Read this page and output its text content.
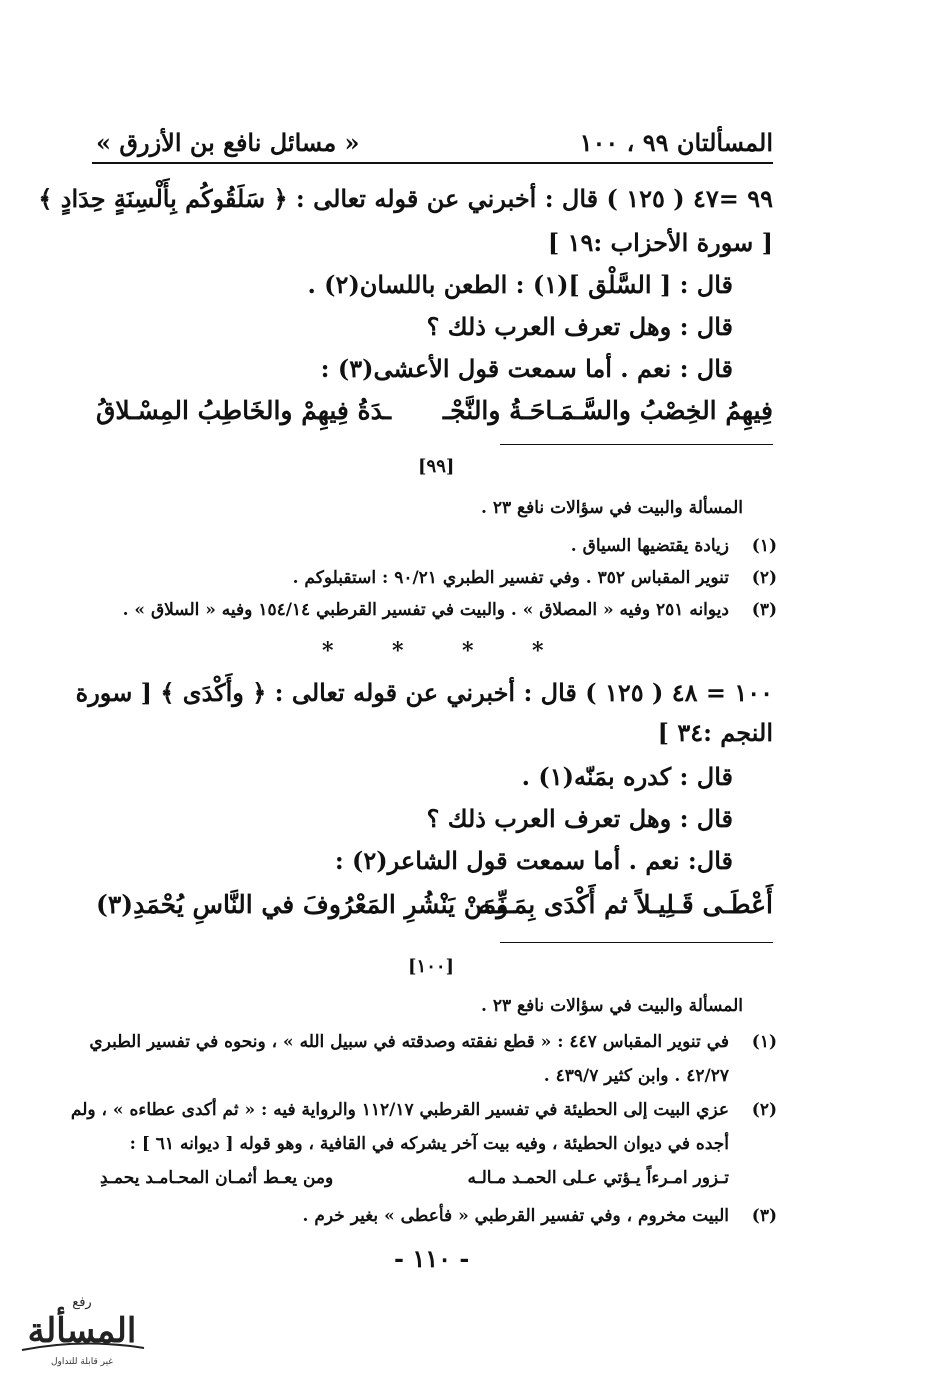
المسألتان ٩٩ ، ١٠٠
« مسائل نافع بن الأزرق »
٩٩ =٤٧ ( ١٢٥ ) قال : أخبرني عن قوله تعالى : ﴿ سَلَقُوكُم بِأَلْسِنَةٍ حِدَادٍ ﴾
[ سورة الأحزاب :١٩ ]
قال : [ السَّلْق ](١) : الطعن باللسان(٢) .
قال : وهل تعرف العرب ذلك ؟
قال : نعم . أما سمعت قول الأعشى(٣) :
فِيهِمُ الخِصْبُ والسَّـمَـاحَـةُ والنَّجْـ
ـدَةُ فِيهِمْ والخَاطِبُ المِسْـلاقُ
[٩٩]
المسألة والبيت في سؤالات نافع ٢٣ .
(١)
زيادة يقتضيها السياق .
(٢)
تنوير المقباس ٣٥٢ . وفي تفسير الطبري ٩٠/٢١ : استقبلوكم .
(٣)
ديوانه ٢٥١ وفيه « المصلاق » . والبيت في تفسير القرطبي ١٥٤/١٤ وفيه « السلاق » .
*
*
*
*
١٠٠ = ٤٨ ( ١٢٥ ) قال : أخبرني عن قوله تعالى : ﴿ وأَكْدَى ﴾ [ سورة
النجم :٣٤ ]
قال : كدره بمَنّه(١) .
قال : وهل تعرف العرب ذلك ؟
قال: نعم . أما سمعت قول الشاعر(٢) :
أَعْطَـى قَـلِيـلاً ثم أَكْدَى بِمَـنِّـه
ومَنْ يَنْشُرِ المَعْرُوفَ في النَّاسِ يُحْمَدِ(٣)
[١٠٠]
المسألة والبيت في سؤالات نافع ٢٣ .
(١)
في تنوير المقباس ٤٤٧ : « قطع نفقته وصدقته في سبيل الله » ، ونحوه في تفسير الطبري
٤٢/٢٧ . وابن كثير ٤٣٩/٧ .
(٢)
عزي البيت إلى الحطيئة في تفسير القرطبي ١١٢/١٧ والرواية فيه : « ثم أكدى عطاءه » ، ولم
أجده في ديوان الحطيئة ، وفيه بيت آخر يشركه في القافية ، وهو قوله [ ديوانه ٦١ ] :
تـزور امـرءاً يـؤتي عـلى الحمـد مـالـه
ومن يعـط أثمـان المحـامـد يحمـدِ
(٣)
البيت مخروم ، وفي تفسير القرطبي « فأعطى » بغير خرم .
- ١١٠ -
رفع
المسألة
غير قابلة للتداول
